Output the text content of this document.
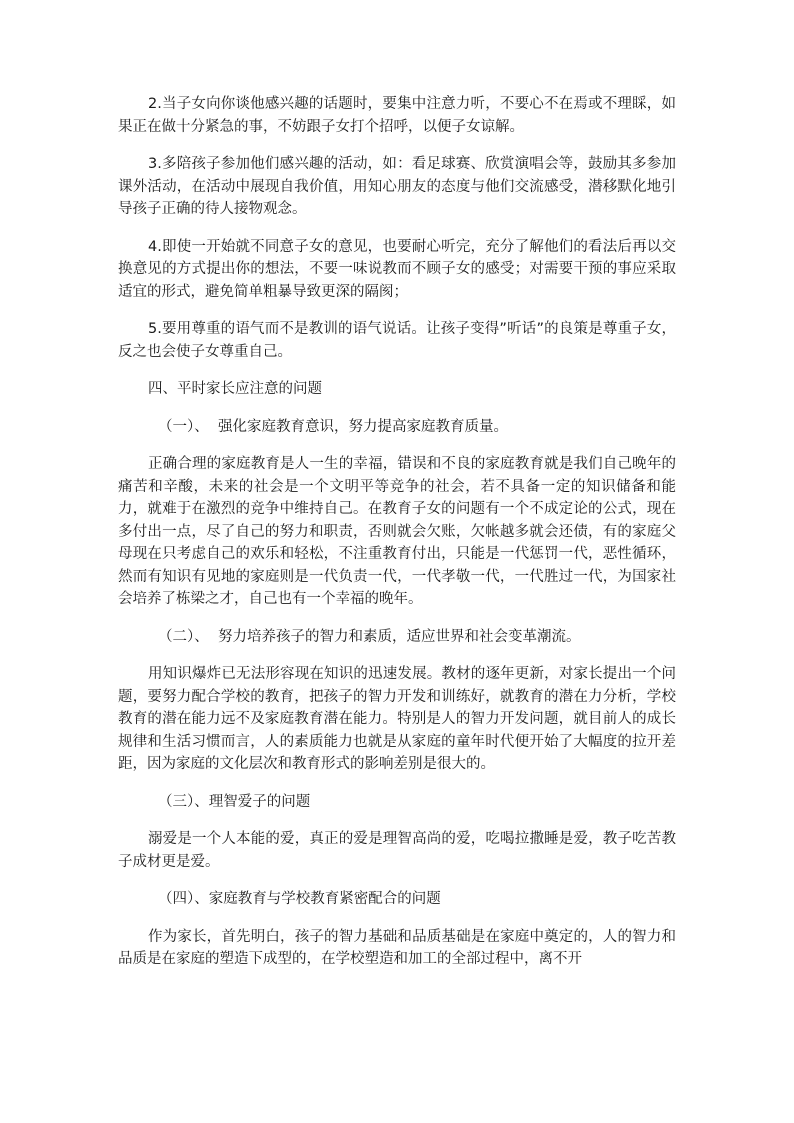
2.当子女向你谈他感兴趣的话题时，要集中注意力听，不要心不在焉或不理睬，如果正在做十分紧急的事，不妨跟子女打个招呼，以便子女谅解。

3.多陪孩子参加他们感兴趣的活动，如：看足球赛、欣赏演唱会等，鼓励其多参加课外活动，在活动中展现自我价值，用知心朋友的态度与他们交流感受，潜移默化地引导孩子正确的待人接物观念。

4.即使一开始就不同意子女的意见，也要耐心听完，充分了解他们的看法后再以交换意见的方式提出你的想法，不要一味说教而不顾子女的感受；对需要干预的事应采取适宜的形式，避免简单粗暴导致更深的隔阂；

5.要用尊重的语气而不是教训的语气说话。让孩子变得”听话”的良策是尊重子女，反之也会使子女尊重自己。

四、平时家长应注意的问题

（一）、  强化家庭教育意识，努力提高家庭教育质量。

正确合理的家庭教育是人一生的幸福，错误和不良的家庭教育就是我们自己晚年的痛苦和辛酸，未来的社会是一个文明平等竞争的社会，若不具备一定的知识储备和能力，就难于在激烈的竞争中维持自己。在教育子女的问题有一个不成定论的公式，现在多付出一点，尽了自己的努力和职责，否则就会欠账，欠帐越多就会还债，有的家庭父母现在只考虑自己的欢乐和轻松，不注重教育付出，只能是一代惩罚一代，恶性循环，然而有知识有见地的家庭则是一代负责一代，一代孝敬一代，一代胜过一代，为国家社会培养了栋梁之才，自己也有一个幸福的晚年。

（二）、  努力培养孩子的智力和素质，适应世界和社会变革潮流。

用知识爆炸已无法形容现在知识的迅速发展。教材的逐年更新，对家长提出一个问题，要努力配合学校的教育，把孩子的智力开发和训练好，就教育的潜在力分析，学校教育的潜在能力远不及家庭教育潜在能力。特别是人的智力开发问题，就目前人的成长规律和生活习惯而言，人的素质能力也就是从家庭的童年时代便开始了大幅度的拉开差距，因为家庭的文化层次和教育形式的影响差别是很大的。

（三）、理智爱子的问题

溺爱是一个人本能的爱，真正的爱是理智高尚的爱，吃喝拉撒睡是爱，教子吃苦教子成材更是爱。

（四）、家庭教育与学校教育紧密配合的问题

作为家长，首先明白，孩子的智力基础和品质基础是在家庭中奠定的，人的智力和品质是在家庭的塑造下成型的，在学校塑造和加工的全部过程中，离不开
